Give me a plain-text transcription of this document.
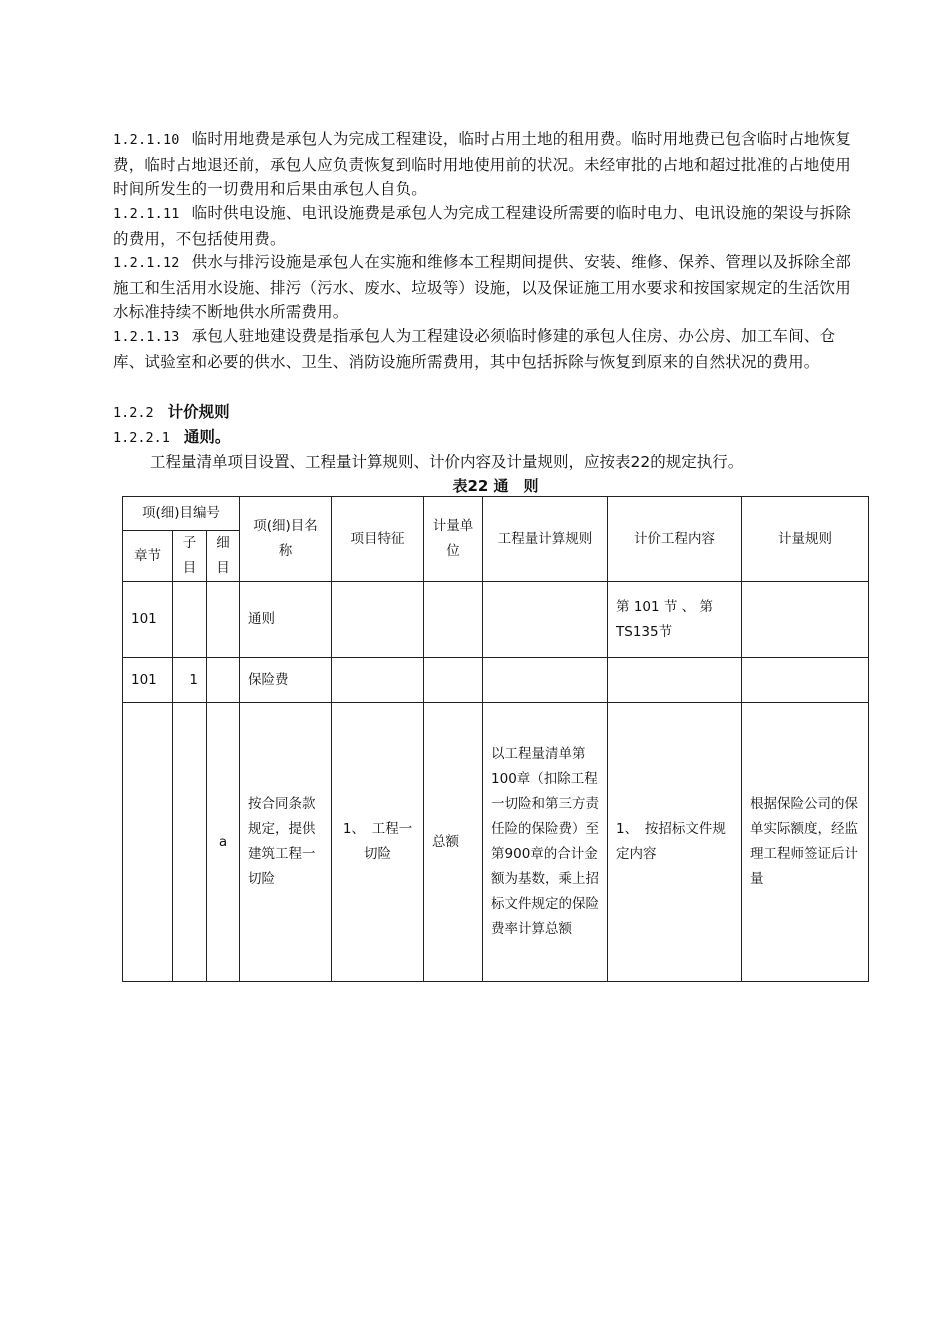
1.2.1.10 临时用地费是承包人为完成工程建设，临时占用土地的租用费。临时用地费已包含临时占地恢复费，临时占地退还前，承包人应负责恢复到临时用地使用前的状况。未经审批的占地和超过批准的占地使用时间所发生的一切费用和后果由承包人自负。
1.2.1.11 临时供电设施、电讯设施费是承包人为完成工程建设所需要的临时电力、电讯设施的架设与拆除的费用，不包括使用费。
1.2.1.12 供水与排污设施是承包人在实施和维修本工程期间提供、安装、维修、保养、管理以及拆除全部施工和生活用水设施、排污（污水、废水、垃圾等）设施，以及保证施工用水要求和按国家规定的生活饮用水标准持续不断地供水所需费用。
1.2.1.13 承包人驻地建设费是指承包人为工程建设必须临时修建的承包人住房、办公房、加工车间、仓库、试验室和必要的供水、卫生、消防设施所需费用，其中包括拆除与恢复到原来的自然状况的费用。
1.2.2 计价规则
1.2.2.1 通则。
工程量清单项目设置、工程量计算规则、计价内容及计量规则，应按表22的规定执行。
表22 通　则
项(细)目编号			项(细)目名称	项目特征	计量单位	工程量计算规则	计价工程内容	计量规则
章节	子目	细目						
101			通则				第 101 节 、 第 TS135节	
101	1		保险费					
		a	按合同条款规定，提供建筑工程一切险	1、　工程一切险	总额	以工程量清单第100章（扣除工程一切险和第三方责任险的保险费）至第900章的合计金额为基数，乘上招标文件规定的保险费率计算总额	1、　按招标文件规定内容	根据保险公司的保单实际额度，经监理工程师签证后计量
